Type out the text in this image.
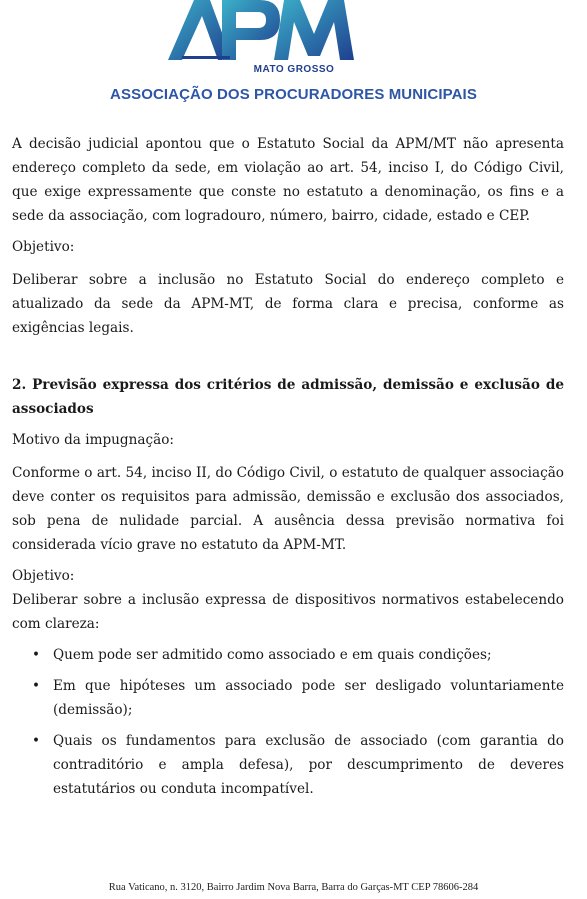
MATO GROSSO
ASSOCIAÇÃO DOS PROCURADORES MUNICIPAIS

A decisão judicial apontou que o Estatuto Social da APM/MT não apresenta endereço completo da sede, em violação ao art. 54, inciso I, do Código Civil, que exige expressamente que conste no estatuto a denominação, os fins e a sede da associação, com logradouro, número, bairro, cidade, estado e CEP.

Objetivo:

Deliberar sobre a inclusão no Estatuto Social do endereço completo e atualizado da sede da APM-MT, de forma clara e precisa, conforme as exigências legais.

2. Previsão expressa dos critérios de admissão, demissão e exclusão de associados

Motivo da impugnação:

Conforme o art. 54, inciso II, do Código Civil, o estatuto de qualquer associação deve conter os requisitos para admissão, demissão e exclusão dos associados, sob pena de nulidade parcial. A ausência dessa previsão normativa foi considerada vício grave no estatuto da APM-MT.

Objetivo:

Deliberar sobre a inclusão expressa de dispositivos normativos estabelecendo com clareza:

• Quem pode ser admitido como associado e em quais condições;
• Em que hipóteses um associado pode ser desligado voluntariamente (demissão);
• Quais os fundamentos para exclusão de associado (com garantia do contraditório e ampla defesa), por descumprimento de deveres estatutários ou conduta incompatível.
Rua Vaticano, n. 3120, Bairro Jardim Nova Barra, Barra do Garças-MT CEP 78606-284
